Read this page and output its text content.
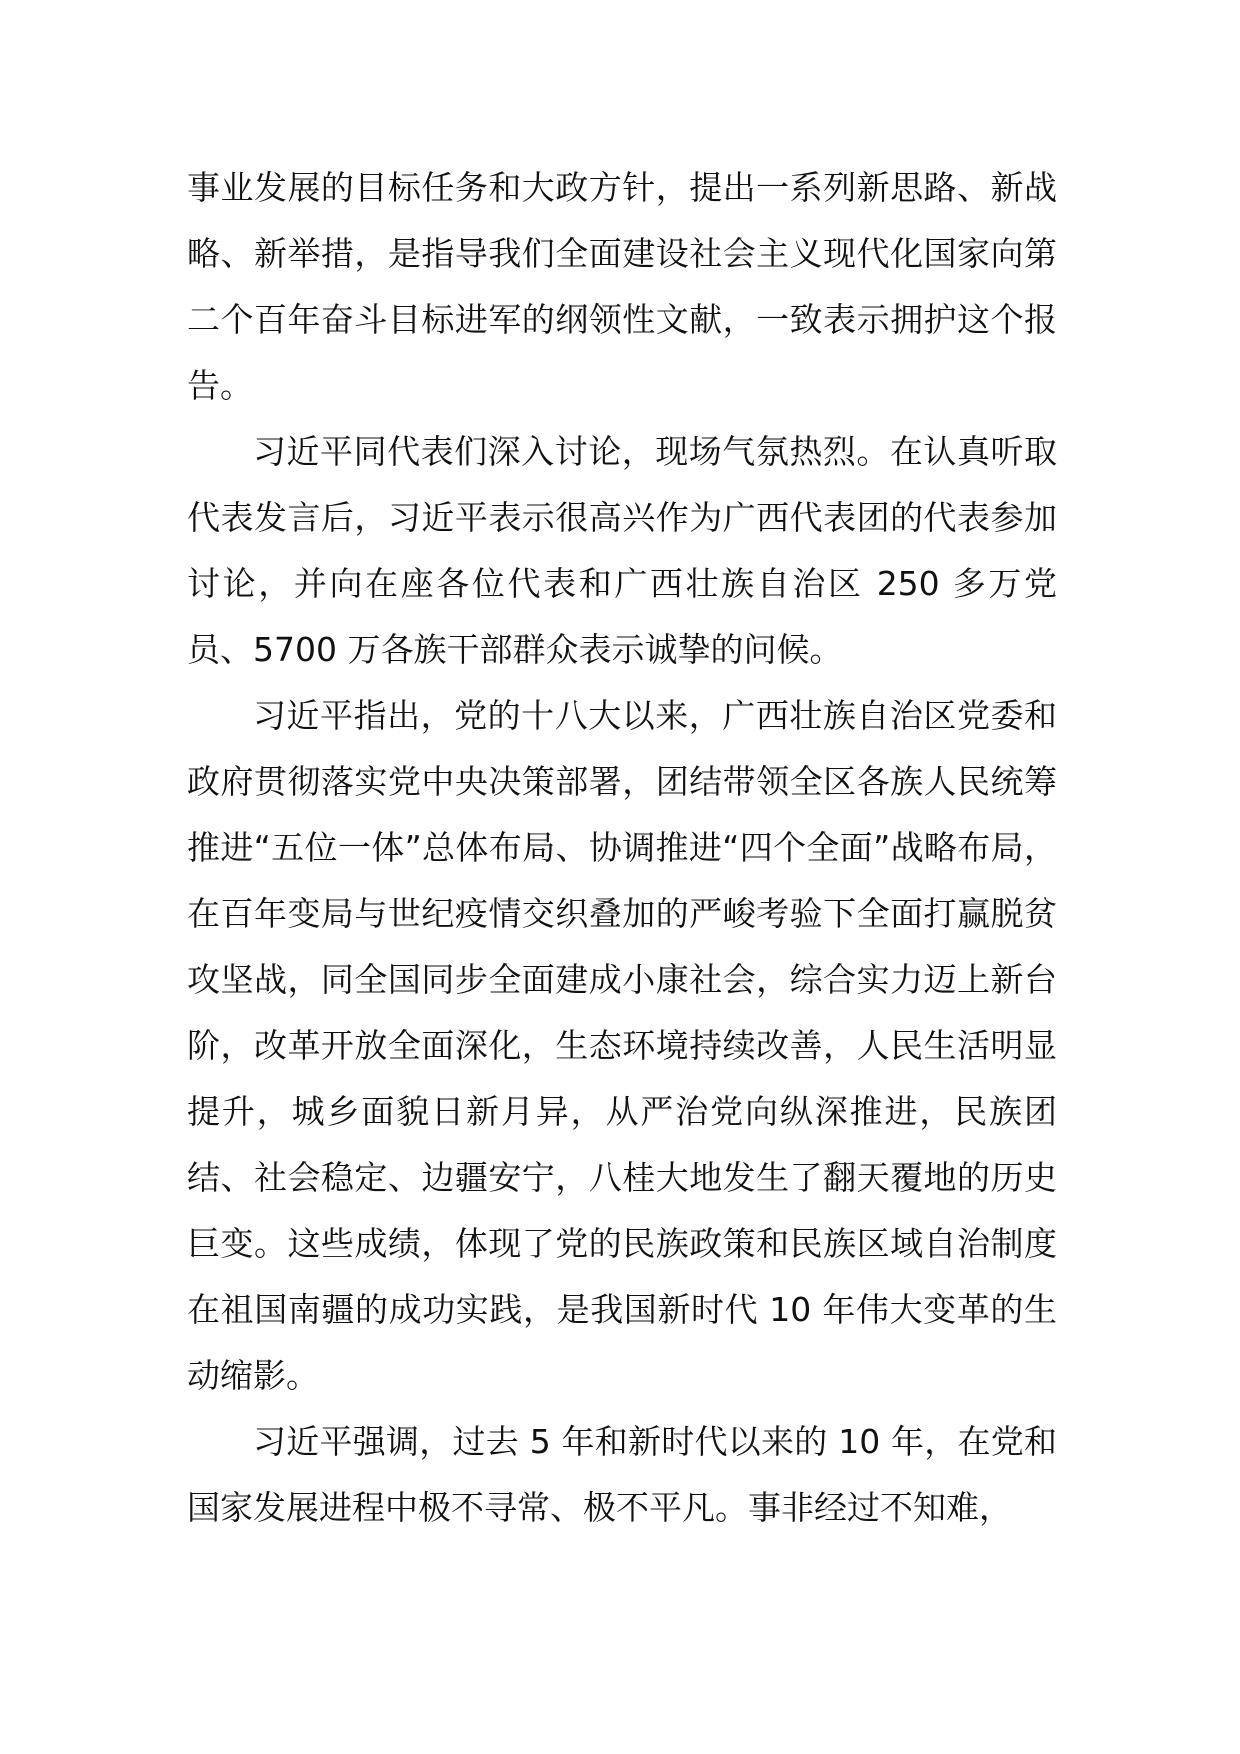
事业发展的目标任务和大政方针，提出一系列新思路、新战略、新举措，是指导我们全面建设社会主义现代化国家向第二个百年奋斗目标进军的纲领性文献，一致表示拥护这个报告。

习近平同代表们深入讨论，现场气氛热烈。在认真听取代表发言后，习近平表示很高兴作为广西代表团的代表参加讨论，并向在座各位代表和广西壮族自治区 250 多万党员、5700 万各族干部群众表示诚挚的问候。

习近平指出，党的十八大以来，广西壮族自治区党委和政府贯彻落实党中央决策部署，团结带领全区各族人民统筹推进“五位一体”总体布局、协调推进“四个全面”战略布局，在百年变局与世纪疫情交织叠加的严峻考验下全面打赢脱贫攻坚战，同全国同步全面建成小康社会，综合实力迈上新台阶，改革开放全面深化，生态环境持续改善，人民生活明显提升，城乡面貌日新月异，从严治党向纵深推进，民族团结、社会稳定、边疆安宁，八桂大地发生了翻天覆地的历史巨变。这些成绩，体现了党的民族政策和民族区域自治制度在祖国南疆的成功实践，是我国新时代 10 年伟大变革的生动缩影。

习近平强调，过去 5 年和新时代以来的 10 年，在党和国家发展进程中极不寻常、极不平凡。事非经过不知难，
